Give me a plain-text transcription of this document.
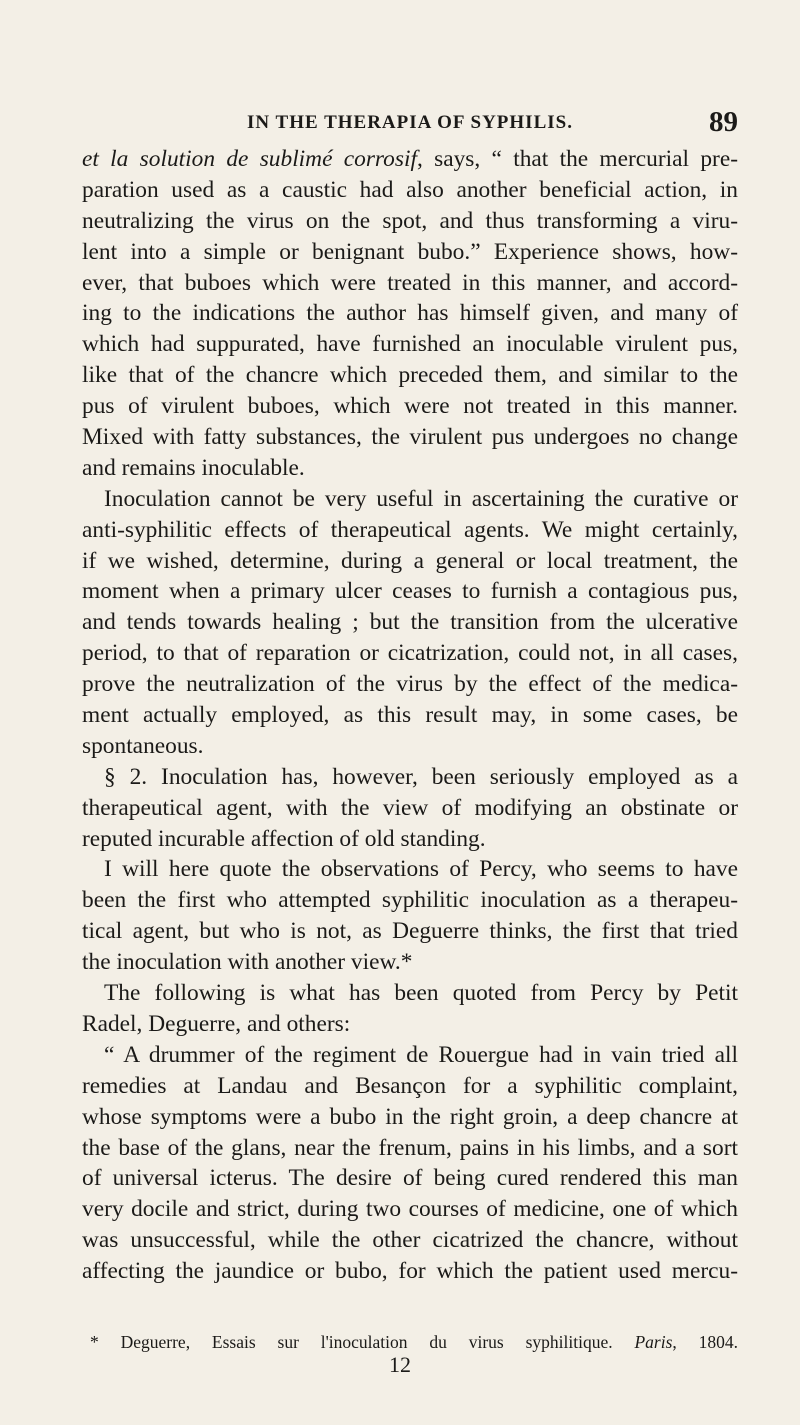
IN THE THERAPIA OF SYPHILIS.	89
et la solution de sublimé corrosif, says, “ that the mercurial pre-
paration used as a caustic had also another beneficial action, in
neutralizing the virus on the spot, and thus transforming a viru-
lent into a simple or benignant bubo.” Experience shows, how-
ever, that buboes which were treated in this manner, and accord-
ing to the indications the author has himself given, and many of
which had suppurated, have furnished an inoculable virulent pus,
like that of the chancre which preceded them, and similar to the
pus of virulent buboes, which were not treated in this manner.
Mixed with fatty substances, the virulent pus undergoes no change
and remains inoculable.
Inoculation cannot be very useful in ascertaining the curative or
anti-syphilitic effects of therapeutical agents. We might certainly,
if we wished, determine, during a general or local treatment, the
moment when a primary ulcer ceases to furnish a contagious pus,
and tends towards healing ; but the transition from the ulcerative
period, to that of reparation or cicatrization, could not, in all cases,
prove the neutralization of the virus by the effect of the medica-
ment actually employed, as this result may, in some cases, be
spontaneous.
§ 2. Inoculation has, however, been seriously employed as a
therapeutical agent, with the view of modifying an obstinate or
reputed incurable affection of old standing.
I will here quote the observations of Percy, who seems to have
been the first who attempted syphilitic inoculation as a therapeu-
tical agent, but who is not, as Deguerre thinks, the first that tried
the inoculation with another view.*
The following is what has been quoted from Percy by Petit
Radel, Deguerre, and others:
“ A drummer of the regiment de Rouergue had in vain tried all
remedies at Landau and Besançon for a syphilitic complaint,
whose symptoms were a bubo in the right groin, a deep chancre at
the base of the glans, near the frenum, pains in his limbs, and a sort
of universal icterus. The desire of being cured rendered this man
very docile and strict, during two courses of medicine, one of which
was unsuccessful, while the other cicatrized the chancre, without
affecting the jaundice or bubo, for which the patient used mercu-
* Deguerre, Essais sur l'inoculation du virus syphilitique. Paris, 1804.
12
